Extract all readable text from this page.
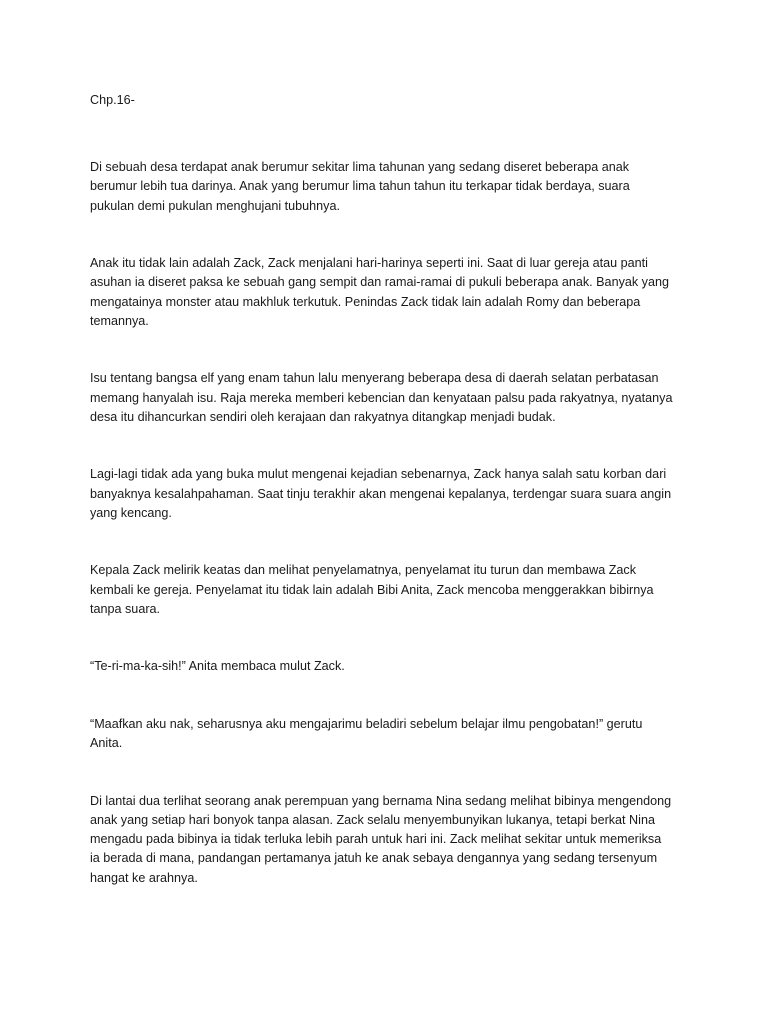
Chp.16-

Di sebuah desa terdapat anak berumur sekitar lima tahunan yang sedang diseret beberapa anak
berumur lebih tua darinya. Anak yang berumur lima tahun tahun itu terkapar tidak berdaya, suara
pukulan demi pukulan menghujani tubuhnya.

Anak itu tidak lain adalah Zack, Zack menjalani hari-harinya seperti ini. Saat di luar gereja atau panti
asuhan ia diseret paksa ke sebuah gang sempit dan ramai-ramai di pukuli beberapa anak. Banyak yang
mengatainya monster atau makhluk terkutuk. Penindas Zack tidak lain adalah Romy dan beberapa
temannya.

Isu tentang bangsa elf yang enam tahun lalu menyerang beberapa desa di daerah selatan perbatasan
memang hanyalah isu. Raja mereka memberi kebencian dan kenyataan palsu pada rakyatnya, nyatanya
desa itu dihancurkan sendiri oleh kerajaan dan rakyatnya ditangkap menjadi budak.

Lagi-lagi tidak ada yang buka mulut mengenai kejadian sebenarnya, Zack hanya salah satu korban dari
banyaknya kesalahpahaman. Saat tinju terakhir akan mengenai kepalanya, terdengar suara suara angin
yang kencang.

Kepala Zack melirik keatas dan melihat penyelamatnya, penyelamat itu turun dan membawa Zack
kembali ke gereja. Penyelamat itu tidak lain adalah Bibi Anita, Zack mencoba menggerakkan bibirnya
tanpa suara.

“Te-ri-ma-ka-sih!” Anita membaca mulut Zack.

“Maafkan aku nak, seharusnya aku mengajarimu beladiri sebelum belajar ilmu pengobatan!” gerutu
Anita.

Di lantai dua terlihat seorang anak perempuan yang bernama Nina sedang melihat bibinya mengendong
anak yang setiap hari bonyok tanpa alasan. Zack selalu menyembunyikan lukanya, tetapi berkat Nina
mengadu pada bibinya ia tidak terluka lebih parah untuk hari ini. Zack melihat sekitar untuk memeriksa
ia berada di mana, pandangan pertamanya jatuh ke anak sebaya dengannya yang sedang tersenyum
hangat ke arahnya.
